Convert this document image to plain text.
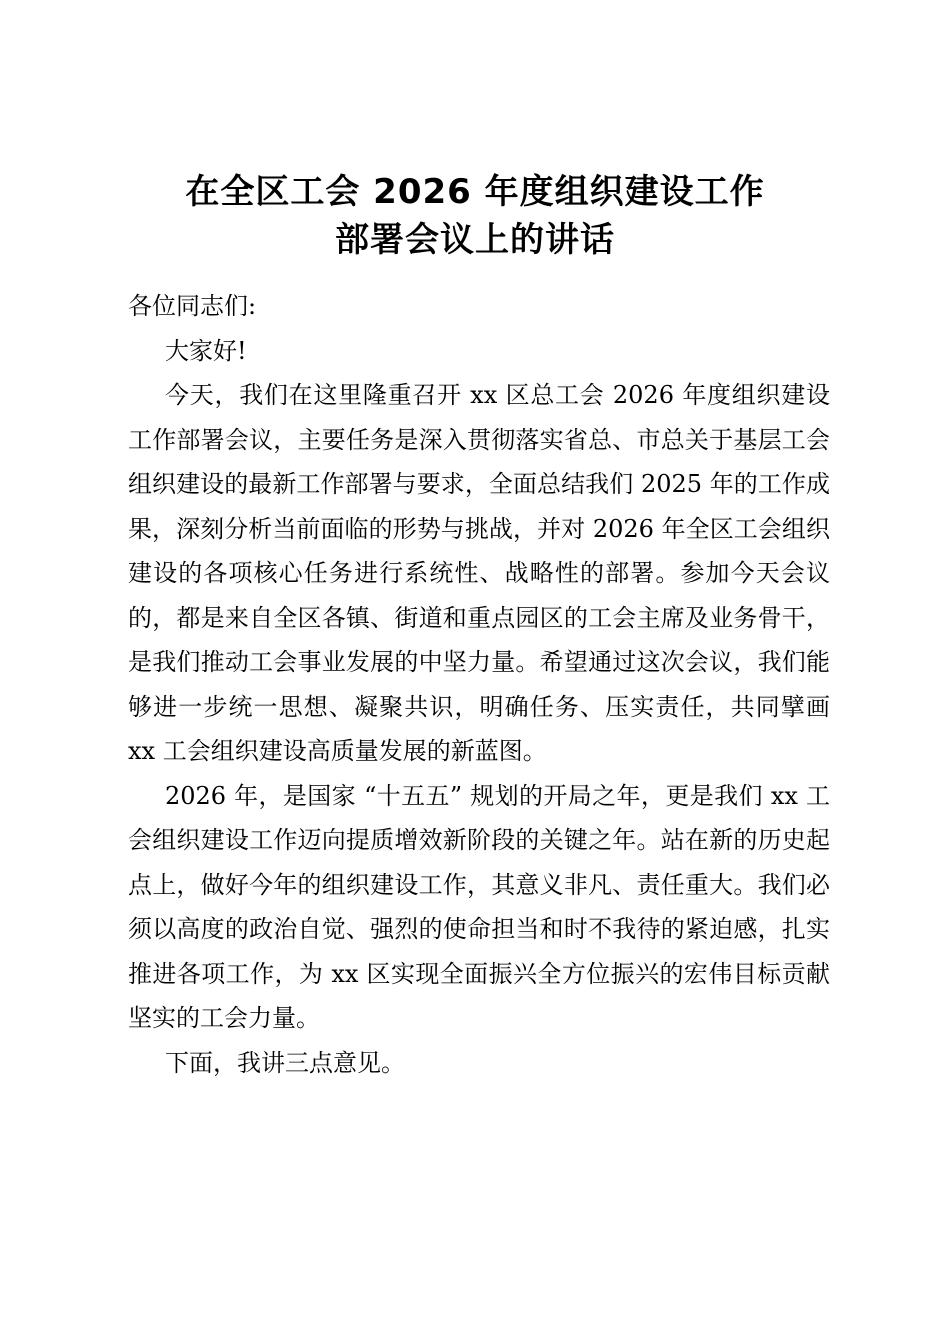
在全区工会 2026 年度组织建设工作
部署会议上的讲话

各位同志们:

大家好!

今天，我们在这里隆重召开 xx 区总工会 2026 年度组织建设工作部署会议，主要任务是深入贯彻落实省总、市总关于基层工会组织建设的最新工作部署与要求，全面总结我们 2025 年的工作成果，深刻分析当前面临的形势与挑战，并对 2026 年全区工会组织建设的各项核心任务进行系统性、战略性的部署。参加今天会议的，都是来自全区各镇、街道和重点园区的工会主席及业务骨干，是我们推动工会事业发展的中坚力量。希望通过这次会议，我们能够进一步统一思想、凝聚共识，明确任务、压实责任，共同擘画 xx 工会组织建设高质量发展的新蓝图。

2026 年，是国家 “十五五” 规划的开局之年，更是我们 xx 工会组织建设工作迈向提质增效新阶段的关键之年。站在新的历史起点上，做好今年的组织建设工作，其意义非凡、责任重大。我们必须以高度的政治自觉、强烈的使命担当和时不我待的紧迫感，扎实推进各项工作，为 xx 区实现全面振兴全方位振兴的宏伟目标贡献坚实的工会力量。

下面，我讲三点意见。
